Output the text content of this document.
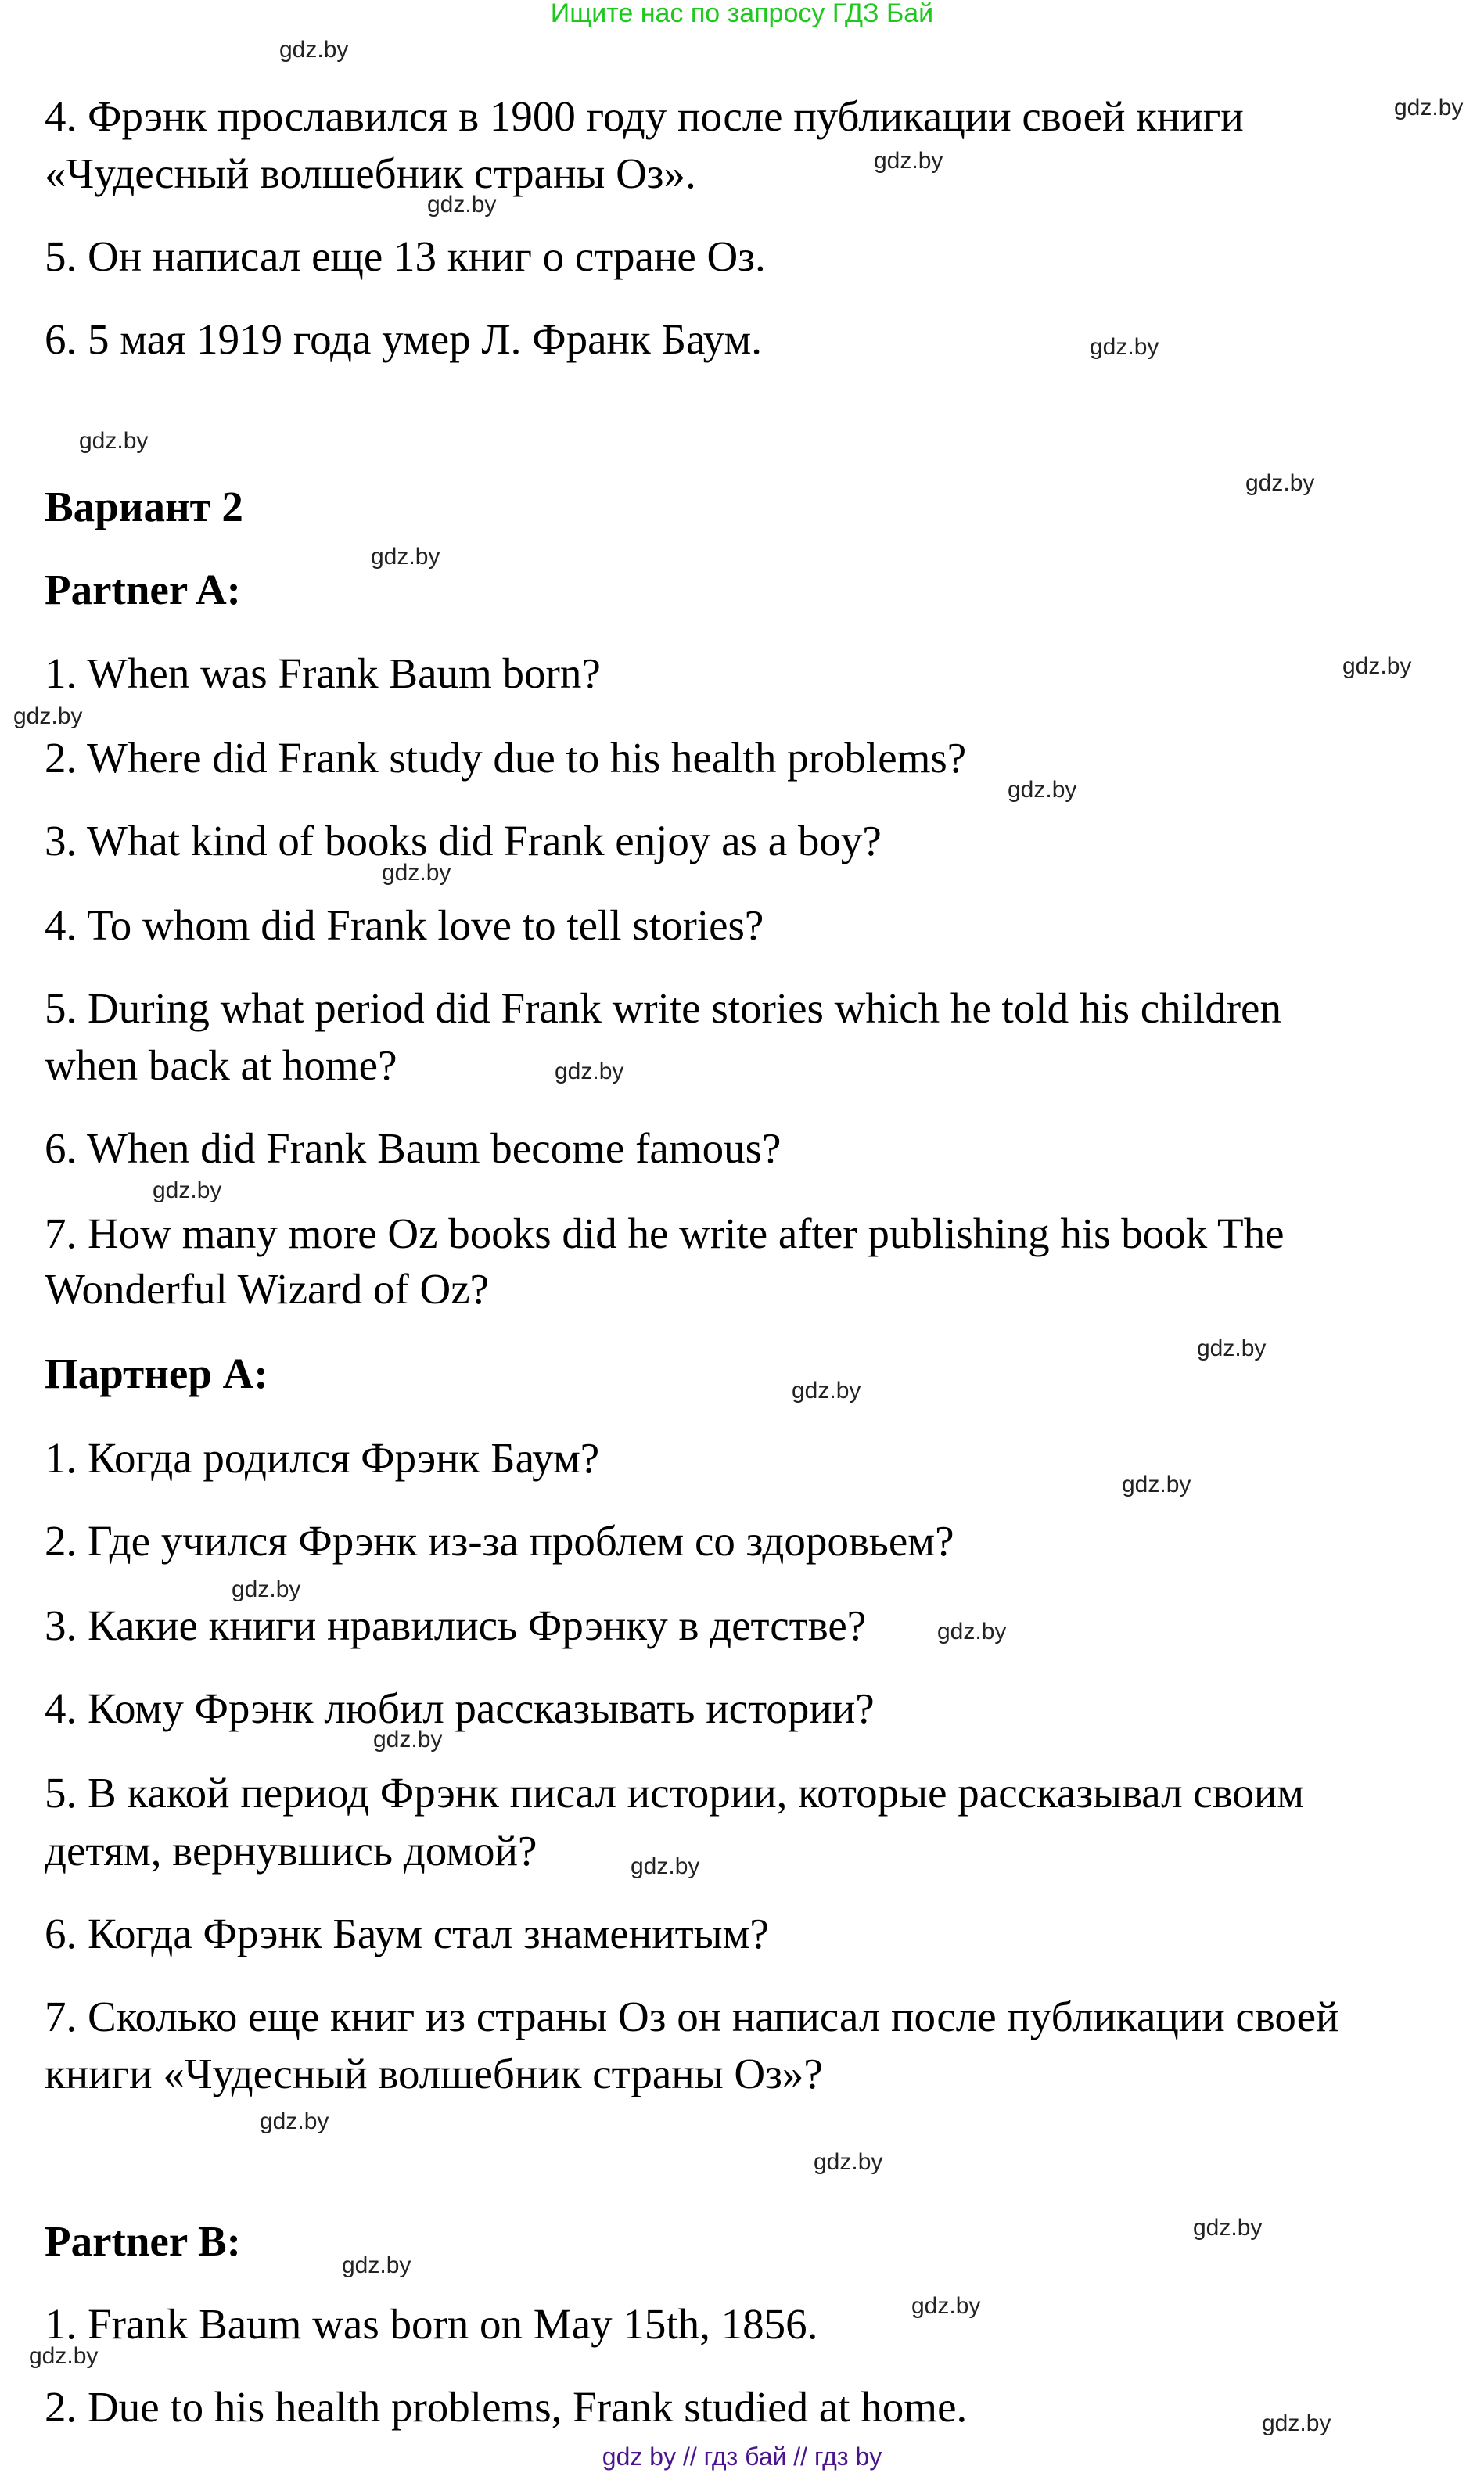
Ищите нас по запросу ГДЗ Бай
4. Фрэнк прославился в 1900 году после публикации своей книги
«Чудесный волшебник страны Оз».
5. Он написал еще 13 книг о стране Оз.
6. 5 мая 1919 года умер Л. Франк Баум.
Вариант 2
Partner A:
1. When was Frank Baum born?
2. Where did Frank study due to his health problems?
3. What kind of books did Frank enjoy as a boy?
4. To whom did Frank love to tell stories?
5. During what period did Frank write stories which he told his children
when back at home?
6. When did Frank Baum become famous?
7. How many more Oz books did he write after publishing his book The
Wonderful Wizard of Oz?
Партнер А:
1. Когда родился Фрэнк Баум?
2. Где учился Фрэнк из-за проблем со здоровьем?
3. Какие книги нравились Фрэнку в детстве?
4. Кому Фрэнк любил рассказывать истории?
5. В какой период Фрэнк писал истории, которые рассказывал своим
детям, вернувшись домой?
6. Когда Фрэнк Баум стал знаменитым?
7. Сколько еще книг из страны Оз он написал после публикации своей
книги «Чудесный волшебник страны Оз»?
Partner B:
1. Frank Baum was born on May 15th, 1856.
2. Due to his health problems, Frank studied at home.
gdz.by
gdz.by
gdz.by
gdz.by
gdz.by
gdz.by
gdz.by
gdz.by
gdz.by
gdz.by
gdz.by
gdz.by
gdz.by
gdz.by
gdz.by
gdz.by
gdz.by
gdz.by
gdz.by
gdz.by
gdz.by
gdz.by
gdz.by
gdz.by
gdz.by
gdz.by
gdz.by
gdz.by
gdz by // гдз бай // гдз by
